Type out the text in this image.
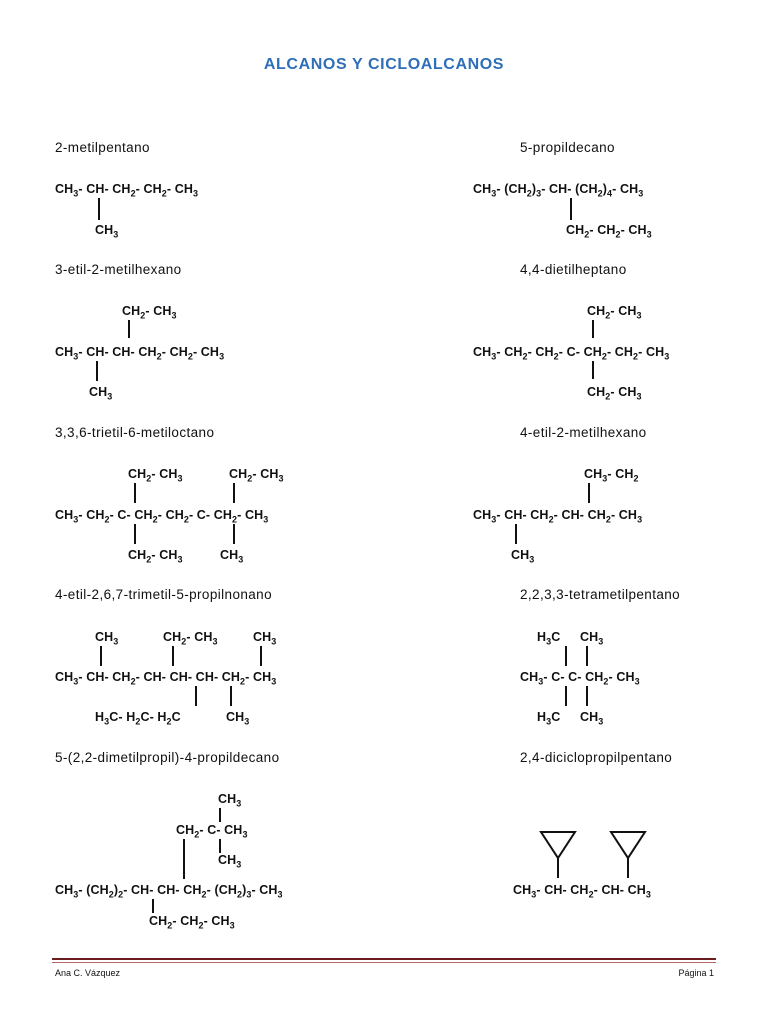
ALCANOS Y CICLOALCANOS
2-metilpentano
$CH_3-$ CH- $CH_2-$ $CH_2-$ $CH_3$
$CH_3$
5-propildecano
$CH_3-$ $(CH_2)_3-$ CH- $(CH_2)_4-$ $CH_3$
$CH_2-$ $CH_2-$ $CH_3$
3-etil-2-metilhexano
$CH_2-$ $CH_3$
$CH_3-$ CH- CH- $CH_2-$ $CH_2-$ $CH_3$
$CH_3$
4,4-dietilheptano
$CH_2-$ $CH_3$
$CH_3-$ $CH_2-$ $CH_2-$ C- $CH_2-$ $CH_2-$ $CH_3$
$CH_2-$ $CH_3$
3,3,6-trietil-6-metiloctano
$CH_2-$ $CH_3$	$CH_2-$ $CH_3$
$CH_3-$ $CH_2-$ C- $CH_2-$ $CH_2-$ C- $CH_2-$ $CH_3$
$CH_2-$ $CH_3$	$CH_3$
4-etil-2-metilhexano
$CH_3-$ $CH_2$
$CH_3-$ CH- $CH_2-$ CH- $CH_2-$ $CH_3$
$CH_3$
4-etil-2,6,7-trimetil-5-propilnonano
$CH_3$	$CH_2-$ $CH_3$	$CH_3$
$CH_3-$ CH- $CH_2-$ CH- CH- CH- $CH_2-$ $CH_3$
$H_3C-$ $H_2C-$ $H_2C$	$CH_3$
2,2,3,3-tetrametilpentano
$H_3C$ $CH_3$
$CH_3-$ C- C- $CH_2-$ $CH_3$
$H_3C$ $CH_3$
5-(2,2-dimetilpropil)-4-propildecano
$CH_3$
$CH_2-$ C- $CH_3$
$CH_3$
$CH_3-$ $(CH_2)_2-$ CH- CH- $CH_2-$ $(CH_2)_3-$ $CH_3$
$CH_2-$ $CH_2-$ $CH_3$
2,4-diciclopropilpentano
$CH_3-$ CH- $CH_2-$ CH- $CH_3$
Ana C. Vázquez	Página 1
